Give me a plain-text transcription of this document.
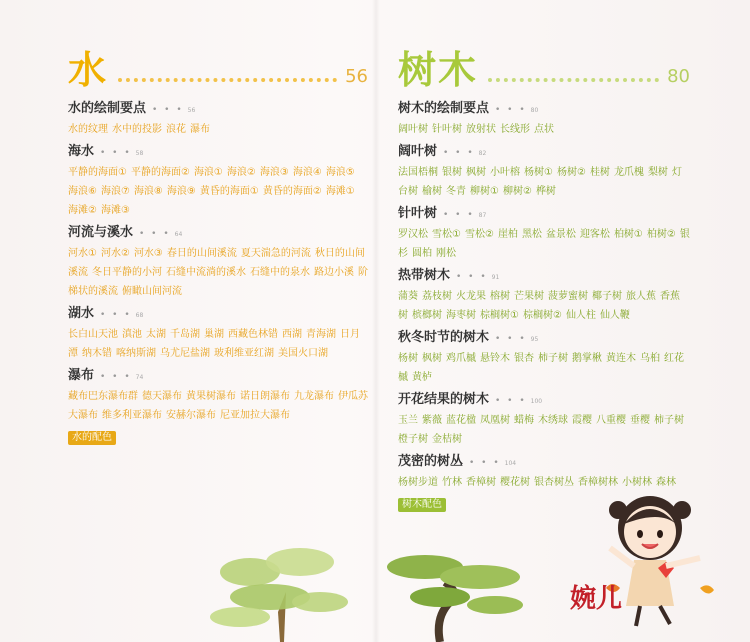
水	56
水的绘制要点 • • • 56
水的纹理 水中的投影 浪花 瀑布
海水 • • • 58
平静的海面① 平静的海面② 海浪① 海浪② 海浪③ 海浪④ 海浪⑤海浪⑥ 海浪⑦ 海浪⑧ 海浪⑨ 黄昏的海面① 黄昏的海面② 海滩①海滩② 海滩③
河流与溪水 • • • 64
河水① 河水② 河水③ 春日的山间溪流 夏天湍急的河流 秋日的山间溪流 冬日平静的小河 石缝中流淌的溪水 石缝中的泉水 路边小溪 阶梯状的溪流 俯瞰山间河流
湖水 • • • 68
长白山天池 滇池 太湖 千岛湖 巢湖 西藏色林错 西湖 青海湖 日月潭 纳木错 喀纳斯湖 乌尤尼盐湖 玻利维亚红湖 美国火口湖
瀑布 • • • 74
藏布巴东瀑布群 德天瀑布 黄果树瀑布 诺日朗瀑布 九龙瀑布 伊瓜苏大瀑布 维多利亚瀑布 安赫尔瀑布 尼亚加拉大瀑布
水的配色
树木	80
树木的绘制要点 • • • 80
阔叶树 针叶树 放射状 长线形 点状
阔叶树 • • • 82
法国梧桐 银树 枫树 小叶榕 杨树① 杨树② 桂树 龙爪槐 梨树 灯台树 榆树 冬青 柳树① 柳树② 桦树
针叶树 • • • 87
罗汉松 雪松① 雪松② 崖柏 黑松 盆景松 迎客松 柏树① 柏树② 银杉 圆柏 刚松
热带树木 • • • 91
蒲葵 荔枝树 火龙果 榕树 芒果树 菠萝蜜树 椰子树 旅人蕉 香蕉树 槟榔树 海枣树 棕榈树① 棕榈树② 仙人柱 仙人鞭
秋冬时节的树木 • • • 95
杨树 枫树 鸡爪槭 悬铃木 银杏 柿子树 鹅掌楸 黄连木 乌桕 红花槭 黄栌
开花结果的树木 • • • 100
玉兰 紫薇 蓝花楹 凤凰树 蜡梅 木绣球 霞樱 八重樱 垂樱 柿子树橙子树 金桔树
茂密的树丛 • • • 104
杨树步道 竹林 香樟树 樱花树 银杏树丛 香樟树林 小树林 森林
树木配色
婉儿
